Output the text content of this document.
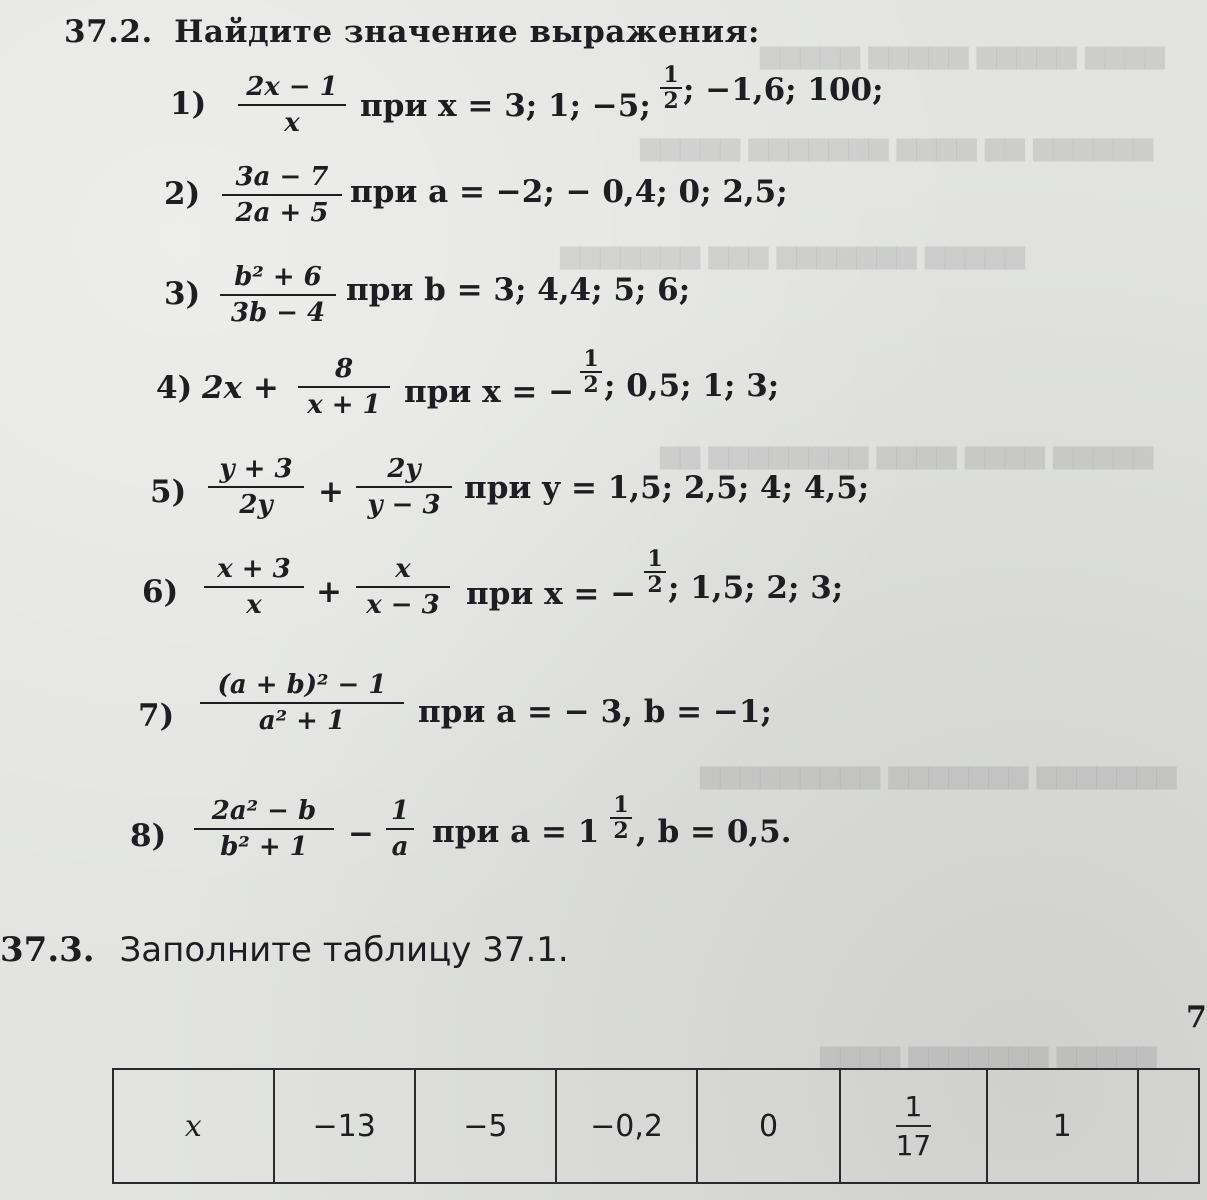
▆▆▆▆ ▆▆▆▆▆ ▆▆▆▆▆ ▆▆▆▆▆
▆▆▆▆▆▆ ▆▆ ▆▆▆▆ ▆▆▆▆▆▆▆ ▆▆▆▆▆
▆▆▆▆▆ ▆▆▆▆▆▆▆ ▆▆▆ ▆▆▆▆▆▆▆
▆▆▆▆▆ ▆▆▆▆ ▆▆▆▆ ▆▆▆▆▆▆▆▆ ▆▆
▆▆▆▆▆▆▆ ▆▆▆▆▆▆▆ ▆▆▆▆▆▆▆▆▆
▆▆▆▆▆ ▆▆▆▆▆▆▆ ▆▆▆▆
37.2. Найдите значение выражения:
1)	2x − 1
x	при x = 3; 1; −5;
1
2 ; −1,6; 100;
2)	3a − 7
2a + 5
при a = −2; − 0,4; 0; 2,5;
3)	b² + 6
3b − 4
при b = 3; 4,4; 5; 6;
4) 2x +
8
x + 1 при x = −
1
2 ; 0,5; 1; 3;
5)
y + 3
2y	+
2y
y − 3 при y = 1,5; 2,5; 4; 4,5;
6)
x + 3
x	+
x
x − 3 при x = −
1
2 ; 1,5; 2; 3;
7)
(a + b)² − 1
a² + 1	при a = − 3, b = −1;
8)
2a² − b
b² + 1	−
1
a при a = 1
1
2 , b = 0,5.
37.3. Заполните таблицу 37.1.
7
x	−13	−5	−0,2	0	$\frac{1}{17}$	1	
